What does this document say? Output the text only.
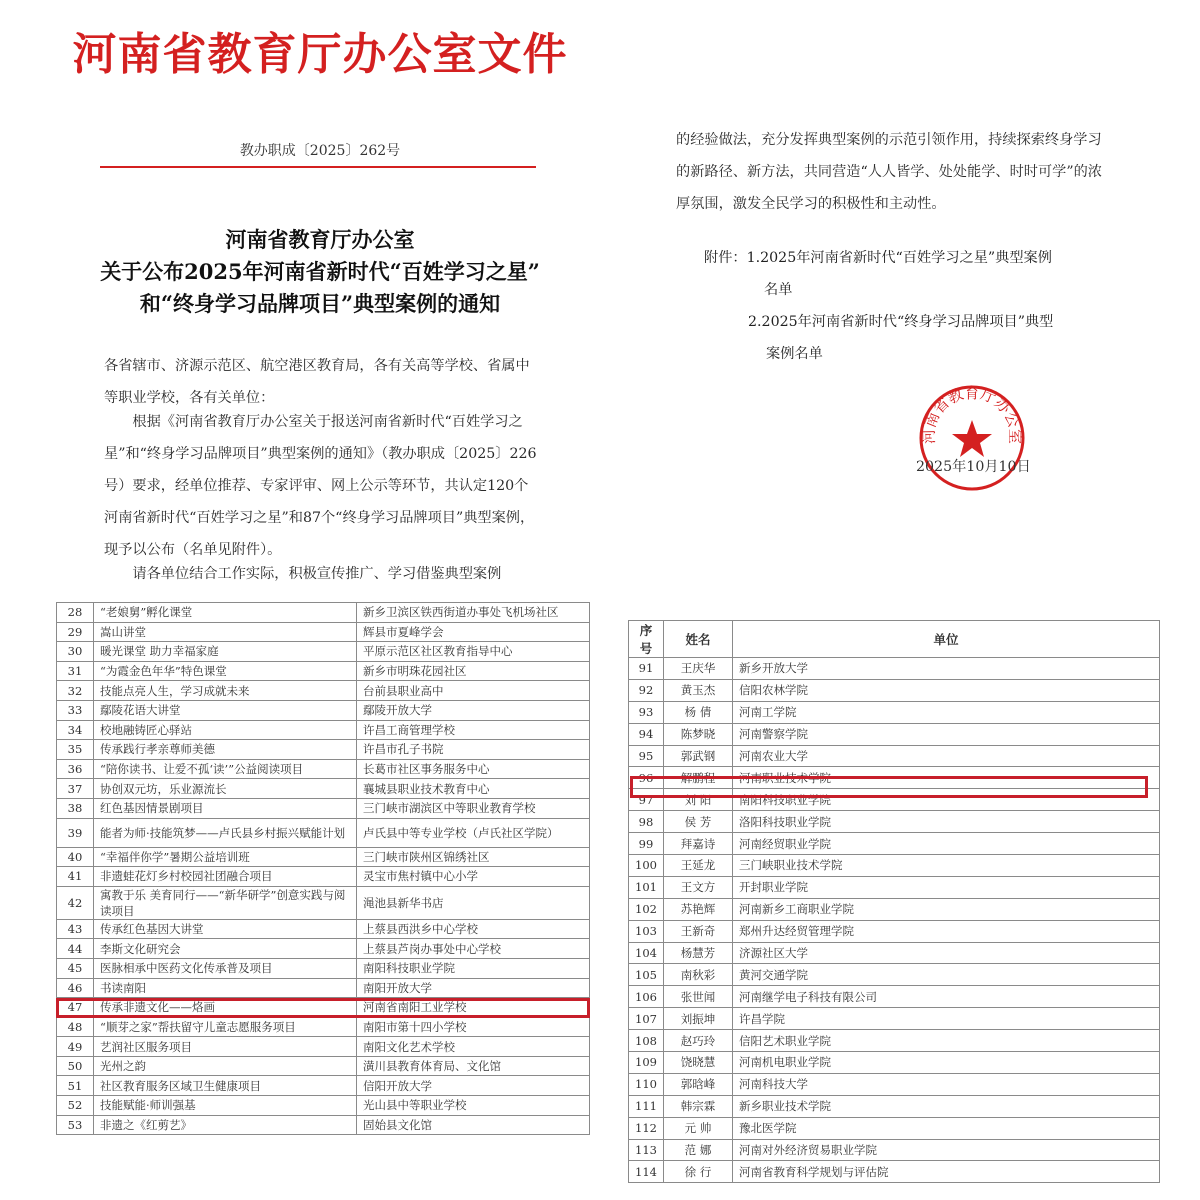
河南省教育厅办公室文件
教办职成〔2025〕262号
河南省教育厅办公室
关于公布2025年河南省新时代“百姓学习之星”
和“终身学习品牌项目”典型案例的通知
各省辖市、济源示范区、航空港区教育局，各有关高等学校、省属中等职业学校，各有关单位：
根据《河南省教育厅办公室关于报送河南省新时代“百姓学习之星”和“终身学习品牌项目”典型案例的通知》（教办职成〔2025〕226号）要求，经单位推荐、专家评审、网上公示等环节，共认定120个河南省新时代“百姓学习之星”和87个“终身学习品牌项目”典型案例，现予以公布（名单见附件）。
请各单位结合工作实际，积极宣传推广、学习借鉴典型案例
的经验做法，充分发挥典型案例的示范引领作用，持续探索终身学习的新路径、新方法，共同营造“人人皆学、处处能学、时时可学”的浓厚氛围，激发全民学习的积极性和主动性。
附件：1.2025年河南省新时代“百姓学习之星”典型案例
名单
2.2025年河南省新时代“终身学习品牌项目”典型
案例名单
河南省教育厅办公室
2025年10月10日
28	“老娘舅”孵化课堂	新乡卫滨区铁西街道办事处飞机场社区
29	嵩山讲堂	辉县市夏峰学会
30	暖光课堂 助力幸福家庭	平原示范区社区教育指导中心
31	“为霞金色年华”特色课堂	新乡市明珠花园社区
32	技能点亮人生，学习成就未来	台前县职业高中
33	鄢陵花语大讲堂	鄢陵开放大学
34	校地融铸匠心驿站	许昌工商管理学校
35	传承践行孝亲尊师美德	许昌市孔子书院
36	“陪你读书、让爱不孤‘读’”公益阅读项目	长葛市社区事务服务中心
37	协创双元坊，乐业源流长	襄城县职业技术教育中心
38	红色基因情景剧项目	三门峡市湖滨区中等职业教育学校
39	能者为师·技能筑梦——卢氏县乡村振兴赋能计划	卢氏县中等专业学校（卢氏社区学院）
40	“幸福伴你学”暑期公益培训班	三门峡市陕州区锦绣社区
41	非遗蛙花灯乡村校园社团融合项目	灵宝市焦村镇中心小学
42	寓教于乐 美育同行——“新华研学”创意实践与阅读项目	渑池县新华书店
43	传承红色基因大讲堂	上蔡县西洪乡中心学校
44	李斯文化研究会	上蔡县芦岗办事处中心学校
45	医脉相承中医药文化传承普及项目	南阳科技职业学院
46	书读南阳	南阳开放大学
47	传承非遗文化——烙画	河南省南阳工业学校
48	“顺芽之家”帮扶留守儿童志愿服务项目	南阳市第十四小学校
49	艺润社区服务项目	南阳文化艺术学校
50	光州之韵	潢川县教育体育局、文化馆
51	社区教育服务区域卫生健康项目	信阳开放大学
52	技能赋能·师训强基	光山县中等职业学校
53	非遗之《红剪艺》	固始县文化馆
序号	姓名	单位
91	王庆华	新乡开放大学
92	黄玉杰	信阳农林学院
93	杨 倩	河南工学院
94	陈梦晓	河南警察学院
95	郭武钢	河南农业大学
96	解鹏程	河南职业技术学院
97	刘 阳	南阳科技职业学院
98	侯 芳	洛阳科技职业学院
99	拜嘉诗	河南经贸职业学院
100	王延龙	三门峡职业技术学院
101	王文方	开封职业学院
102	苏艳辉	河南新乡工商职业学院
103	王新奇	郑州升达经贸管理学院
104	杨慧芳	济源社区大学
105	南秋彩	黄河交通学院
106	张世闻	河南继学电子科技有限公司
107	刘振坤	许昌学院
108	赵巧玲	信阳艺术职业学院
109	饶晓慧	河南机电职业学院
110	郭晗峰	河南科技大学
111	韩宗霖	新乡职业技术学院
112	元 帅	豫北医学院
113	范 娜	河南对外经济贸易职业学院
114	徐 行	河南省教育科学规划与评估院
